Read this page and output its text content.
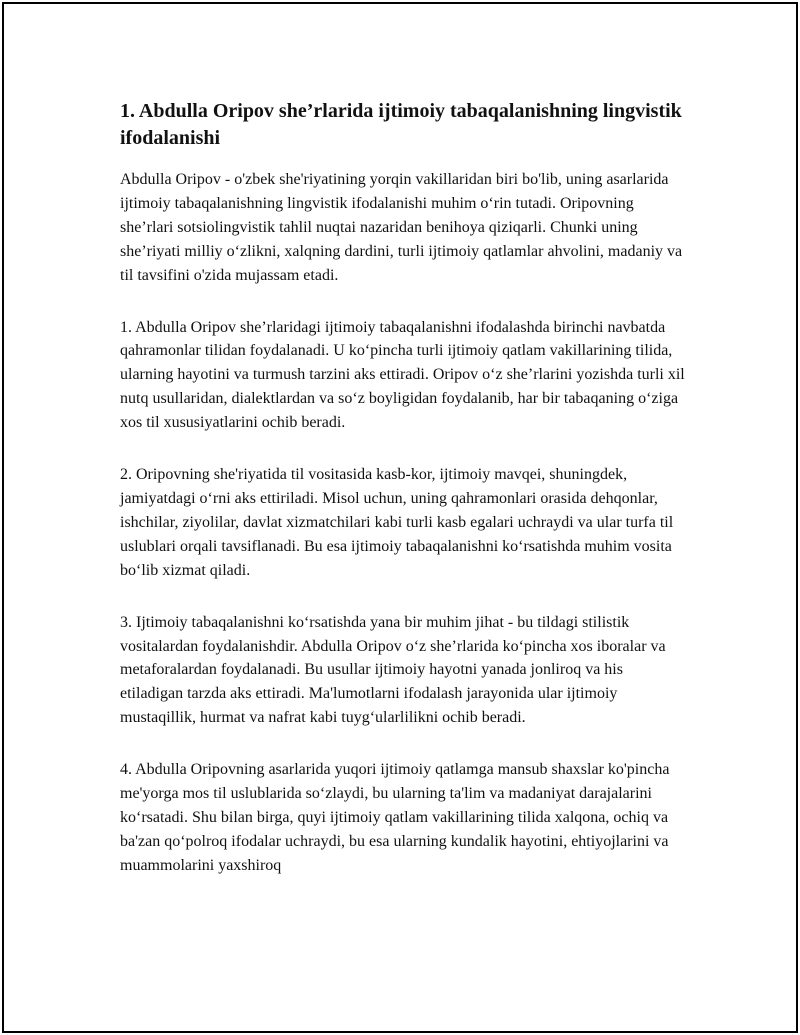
1. Abdulla Oripov she’rlarida ijtimoiy tabaqalanishning lingvistik ifodalanishi

Abdulla Oripov - o'zbek she'riyatining yorqin vakillaridan biri bo'lib, uning asarlarida ijtimoiy tabaqalanishning lingvistik ifodalanishi muhim oʻrin tutadi. Oripovning sheʼrlari sotsiolingvistik tahlil nuqtai nazaridan benihoya qiziqarli. Chunki uning sheʼriyati milliy oʻzlikni, xalqning dardini, turli ijtimoiy qatlamlar ahvolini, madaniy va til tavsifini o'zida mujassam etadi.

1. Abdulla Oripov she’rlaridagi ijtimoiy tabaqalanishni ifodalashda birinchi navbatda qahramonlar tilidan foydalanadi. U koʻpincha turli ijtimoiy qatlam vakillarining tilida, ularning hayotini va turmush tarzini aks ettiradi. Oripov oʻz sheʼrlarini yozishda turli xil nutq usullaridan, dialektlardan va soʻz boyligidan foydalanib, har bir tabaqaning oʻziga xos til xususiyatlarini ochib beradi.

2. Oripovning she'riyatida til vositasida kasb-kor, ijtimoiy mavqei, shuningdek, jamiyatdagi oʻrni aks ettiriladi. Misol uchun, uning qahramonlari orasida dehqonlar, ishchilar, ziyolilar, davlat xizmatchilari kabi turli kasb egalari uchraydi va ular turfa til uslublari orqali tavsiflanadi. Bu esa ijtimoiy tabaqalanishni koʻrsatishda muhim vosita boʻlib xizmat qiladi.

3. Ijtimoiy tabaqalanishni koʻrsatishda yana bir muhim jihat - bu tildagi stilistik vositalardan foydalanishdir. Abdulla Oripov oʻz sheʼrlarida koʻpincha xos iboralar va metaforalardan foydalanadi. Bu usullar ijtimoiy hayotni yanada jonliroq va his etiladigan tarzda aks ettiradi. Ma'lumotlarni ifodalash jarayonida ular ijtimoiy mustaqillik, hurmat va nafrat kabi tuygʻularlilikni ochib beradi.

4. Abdulla Oripovning asarlarida yuqori ijtimoiy qatlamga mansub shaxslar ko'pincha me'yorga mos til uslublarida soʻzlaydi, bu ularning ta'lim va madaniyat darajalarini koʻrsatadi. Shu bilan birga, quyi ijtimoiy qatlam vakillarining tilida xalqona, ochiq va ba'zan qoʻpolroq ifodalar uchraydi, bu esa ularning kundalik hayotini, ehtiyojlarini va muammolarini yaxshiroq
